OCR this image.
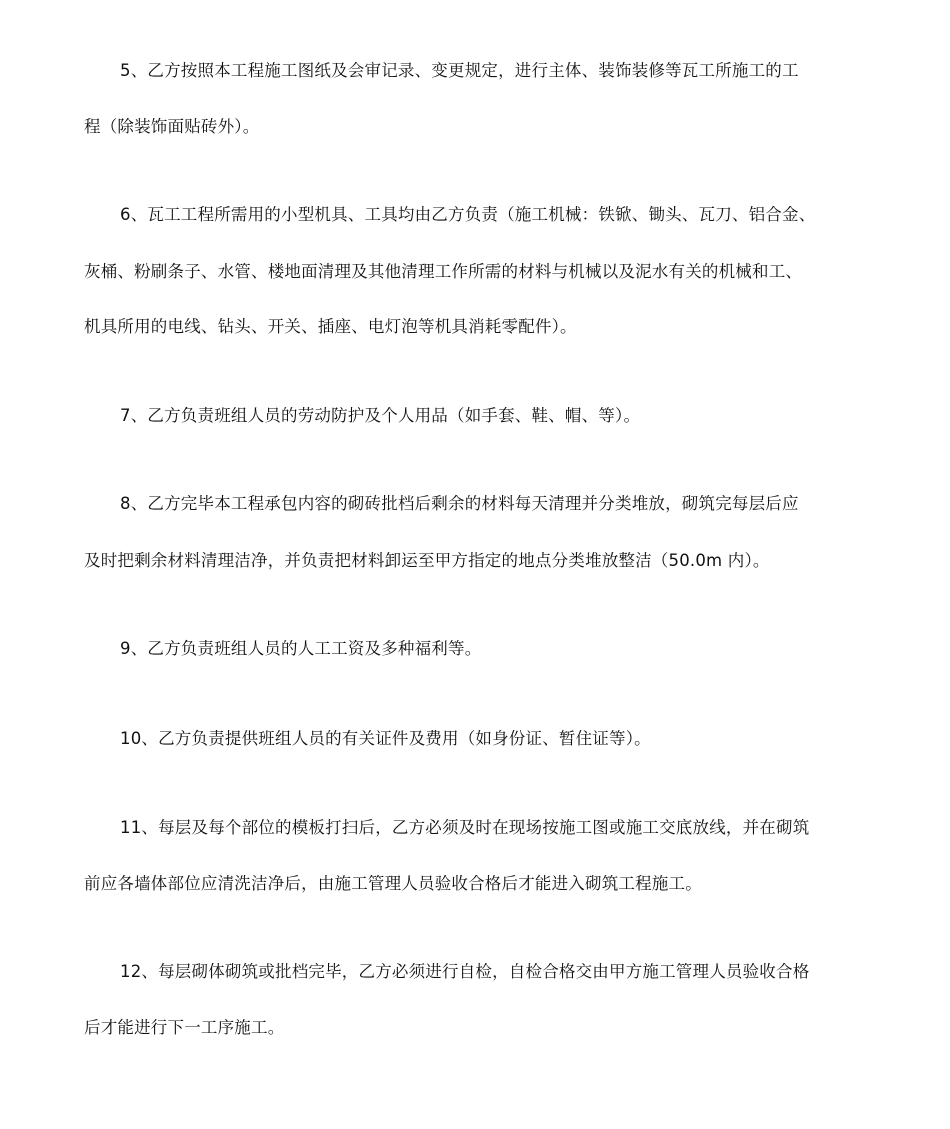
5、乙方按照本工程施工图纸及会审记录、变更规定，进行主体、装饰装修等瓦工所施工的工
程（除装饰面贴砖外）。
6、瓦工工程所需用的小型机具、工具均由乙方负责（施工机械：铁锨、锄头、瓦刀、铝合金、
灰桶、粉刷条子、水管、楼地面清理及其他清理工作所需的材料与机械以及泥水有关的机械和工、
机具所用的电线、钻头、开关、插座、电灯泡等机具消耗零配件）。
7、乙方负责班组人员的劳动防护及个人用品（如手套、鞋、帽、等）。
8、乙方完毕本工程承包内容的砌砖批档后剩余的材料每天清理并分类堆放，砌筑完每层后应
及时把剩余材料清理洁净，并负责把材料卸运至甲方指定的地点分类堆放整洁（50.0m 内）。
9、乙方负责班组人员的人工工资及多种福利等。
10、乙方负责提供班组人员的有关证件及费用（如身份证、暂住证等）。
11、每层及每个部位的模板打扫后，乙方必须及时在现场按施工图或施工交底放线，并在砌筑
前应各墙体部位应清洗洁净后，由施工管理人员验收合格后才能进入砌筑工程施工。
12、每层砌体砌筑或批档完毕，乙方必须进行自检，自检合格交由甲方施工管理人员验收合格
后才能进行下一工序施工。
